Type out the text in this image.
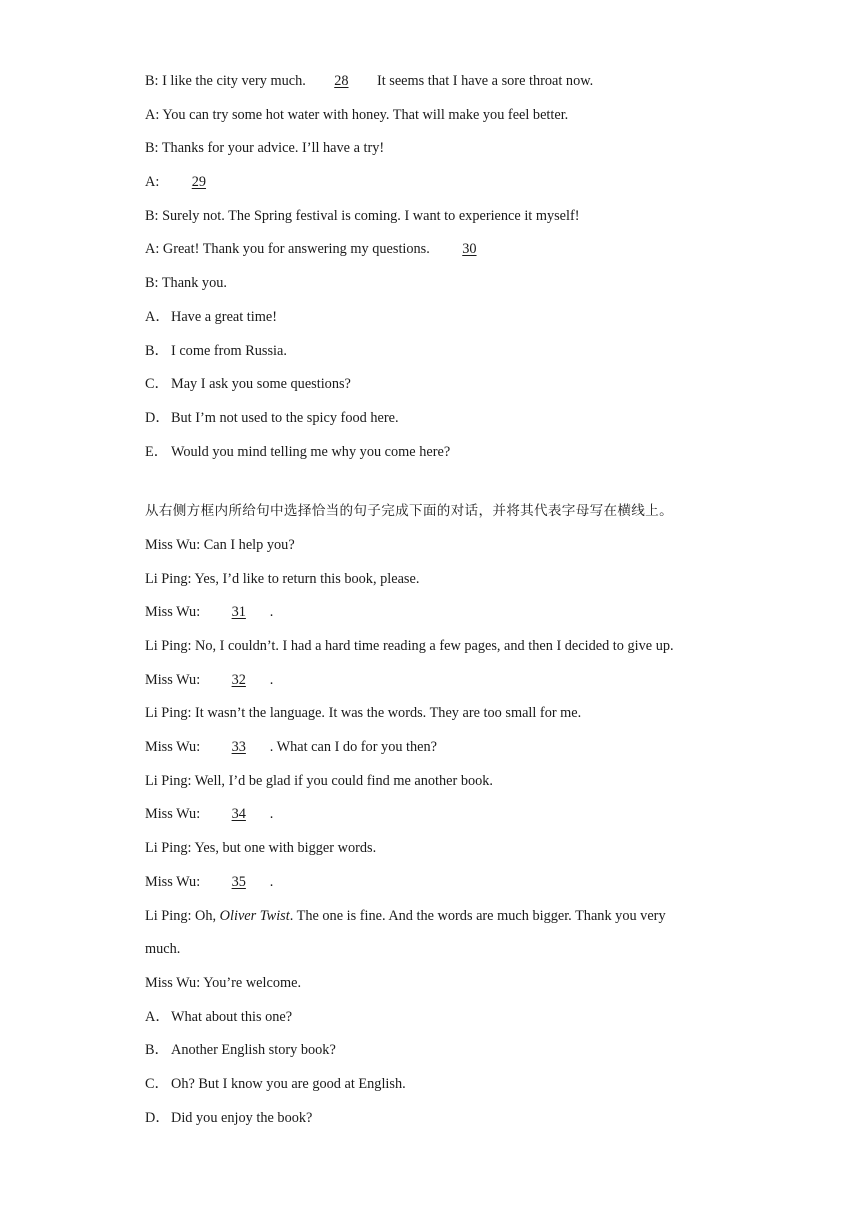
B: I like the city very much. 28 It seems that I have a sore throat now.
A: You can try some hot water with honey. That will make you feel better.
B: Thanks for your advice. I’ll have a try!
A: 29
B: Surely not. The Spring festival is coming. I want to experience it myself!
A: Great! Thank you for answering my questions. 30
B: Thank you.
A．Have a great time!
B． I come from Russia.
C． May I ask you some questions?
D．But I’m not used to the spicy food here.
E． Would you mind telling me why you come here?
从右侧方框内所给句中选择恰当的句子完成下面的对话，并将其代表字母写在横线上。
Miss Wu: Can I help you?
Li Ping: Yes, I’d like to return this book, please.
Miss Wu: 31 .
Li Ping: No, I couldn’t. I had a hard time reading a few pages, and then I decided to give up.
Miss Wu: 32 .
Li Ping: It wasn’t the language. It was the words. They are too small for me.
Miss Wu: 33 . What can I do for you then?
Li Ping: Well, I’d be glad if you could find me another book.
Miss Wu: 34 .
Li Ping: Yes, but one with bigger words.
Miss Wu: 35 .
Li Ping: Oh, Oliver Twist. The one is fine. And the words are much bigger. Thank you very
much.
Miss Wu: You’re welcome.
A．What about this one?
B． Another English story book?
C． Oh? But I know you are good at English.
D．Did you enjoy the book?
